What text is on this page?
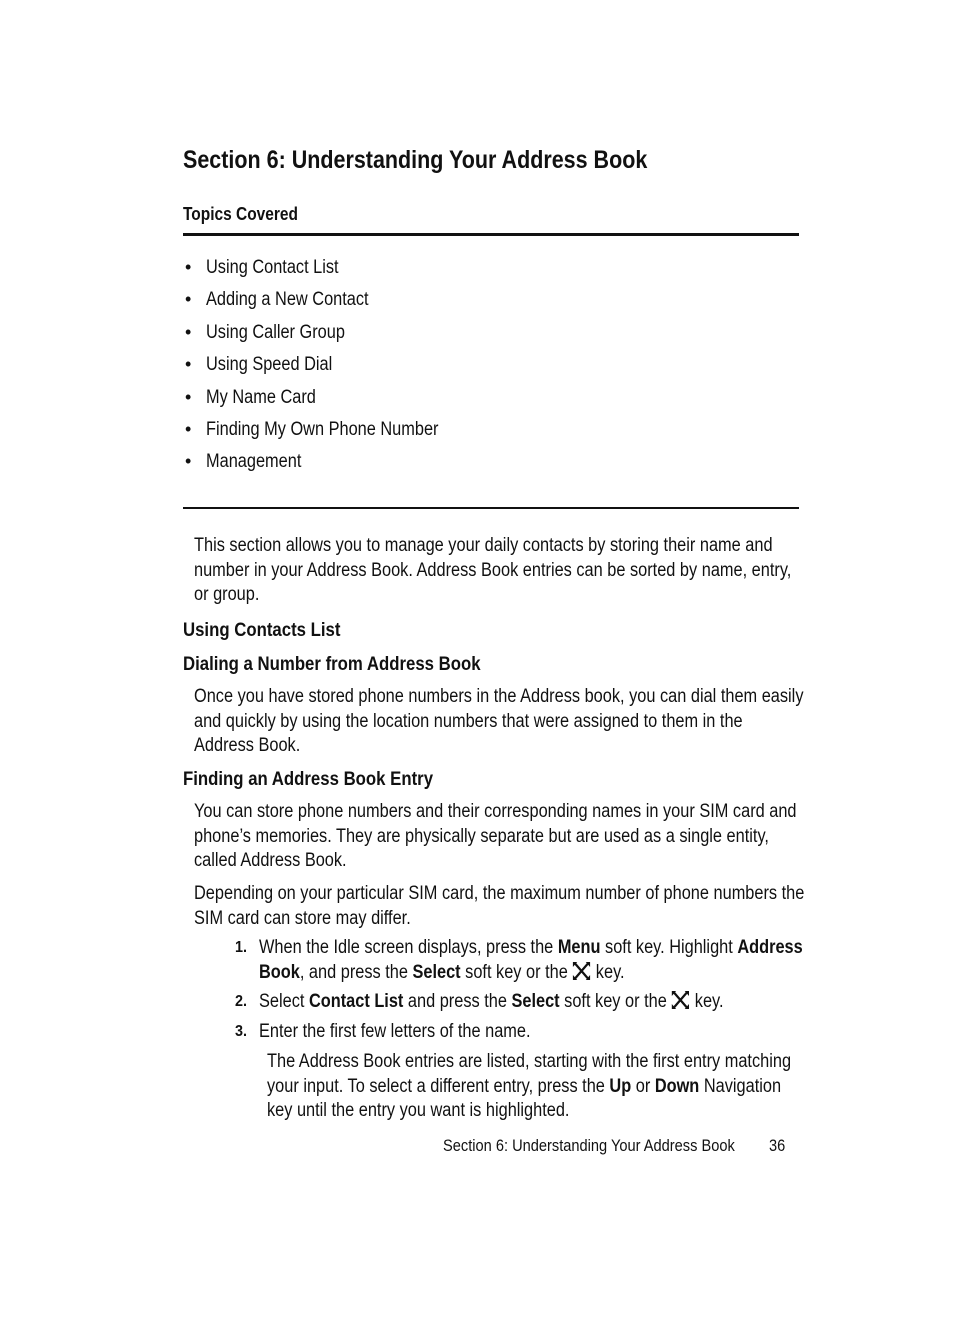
Section 6: Understanding Your Address Book
Topics Covered
• Using Contact List
• Adding a New Contact
• Using Caller Group
• Using Speed Dial
• My Name Card
• Finding My Own Phone Number
• Management

This section allows you to manage your daily contacts by storing their name and
number in your Address Book. Address Book entries can be sorted by name, entry,
or group.

Using Contacts List
Dialing a Number from Address Book

Once you have stored phone numbers in the Address book, you can dial them easily
and quickly by using the location numbers that were assigned to them in the
Address Book.

Finding an Address Book Entry

You can store phone numbers and their corresponding names in your SIM card and
phone’s memories. They are physically separate but are used as a single entity,
called Address Book.

Depending on your particular SIM card, the maximum number of phone numbers the
SIM card can store may differ.

1. When the Idle screen displays, press the Menu soft key. Highlight Address
Book, and press the Select soft key or the  key.
2. Select Contact List and press the Select soft key or the  key.
3. Enter the first few letters of the name.

The Address Book entries are listed, starting with the first entry matching
your input. To select a different entry, press the Up or Down Navigation
key until the entry you want is highlighted.

Section 6: Understanding Your Address Book	36
